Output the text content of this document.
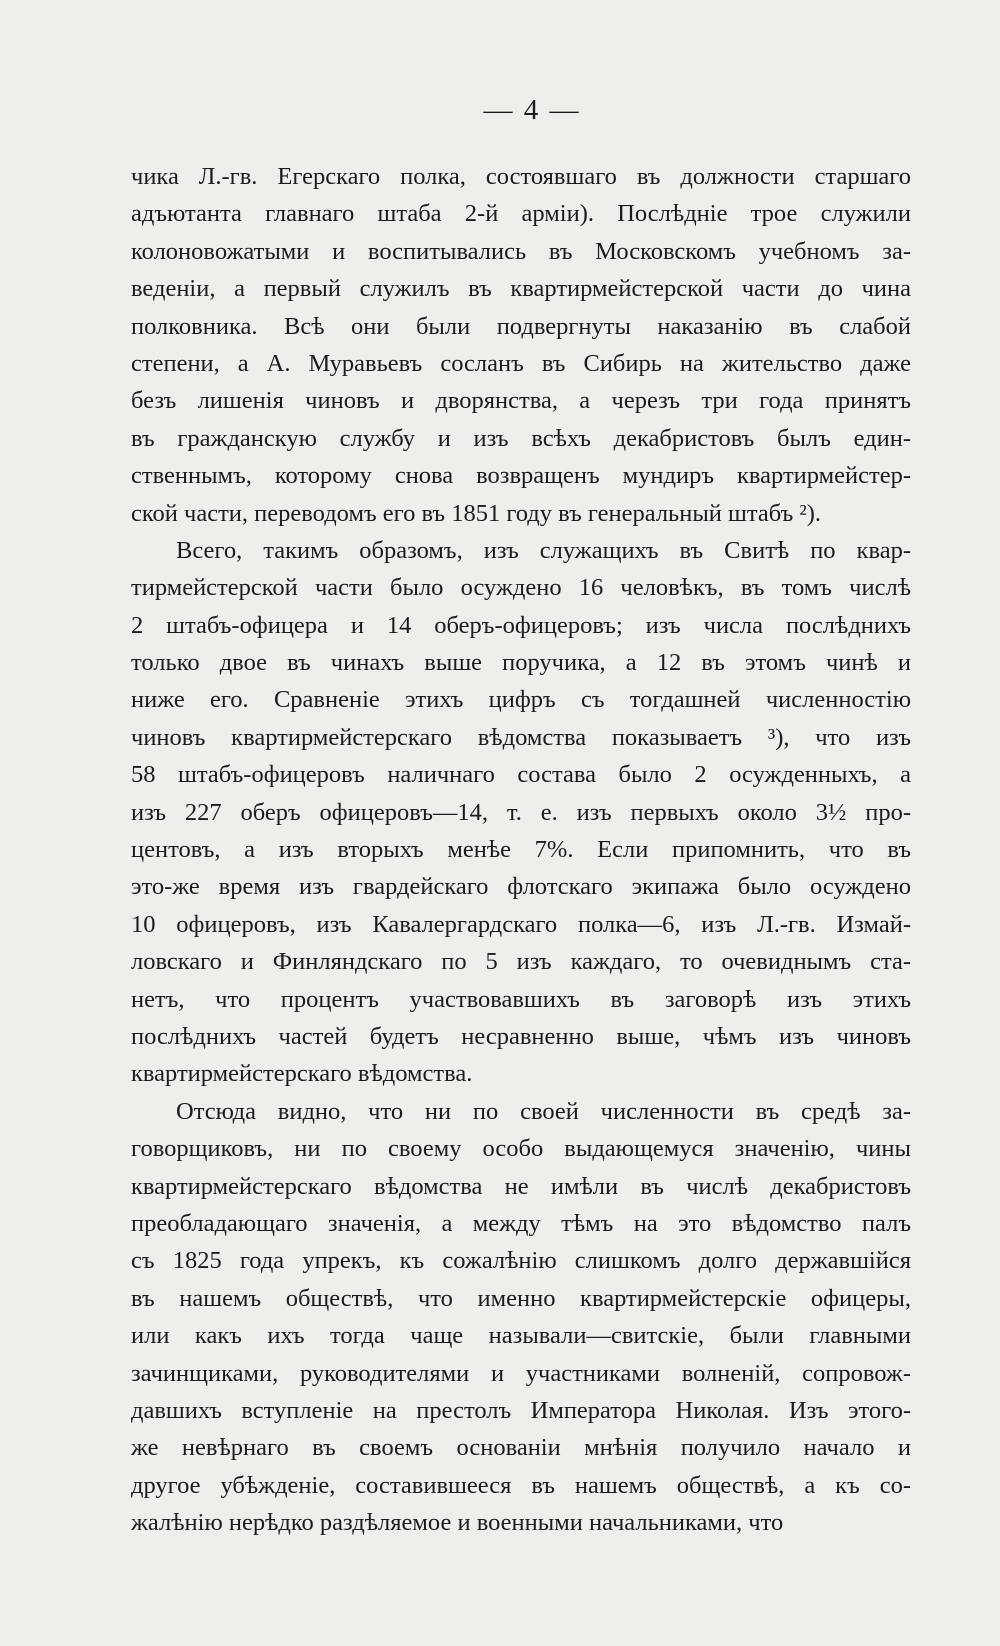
— 4 —
чика Л.-гв. Егерскаго полка, состоявшаго въ должности старшаго
адъютанта главнаго штаба 2-й арміи). Послѣдніе трое служили
колоновожатыми и воспитывались въ Московскомъ учебномъ за-
веденіи, а первый служилъ въ квартирмейстерской части до чина
полковника. Всѣ они были подвергнуты наказанію въ слабой
степени, а А. Муравьевъ сосланъ въ Сибирь на жительство даже
безъ лишенія чиновъ и дворянства, а черезъ три года принятъ
въ гражданскую службу и изъ всѣхъ декабристовъ былъ един-
ственнымъ, которому снова возвращенъ мундиръ квартирмейстер-
ской части, переводомъ его въ 1851 году въ генеральный штабъ ²).
Всего, такимъ образомъ, изъ служащихъ въ Свитѣ по квар-
тирмейстерской части было осуждено 16 человѣкъ, въ томъ числѣ
2 штабъ-офицера и 14 оберъ-офицеровъ; изъ числа послѣднихъ
только двое въ чинахъ выше поручика, а 12 въ этомъ чинѣ и
ниже его. Сравненіе этихъ цифръ съ тогдашней численностію
чиновъ квартирмейстерскаго вѣдомства показываетъ ³), что изъ
58 штабъ-офицеровъ наличнаго состава было 2 осужденныхъ, а
изъ 227 оберъ офицеровъ—14, т. е. изъ первыхъ около 3½ про-
центовъ, а изъ вторыхъ менѣе 7%. Если припомнить, что въ
это-же время изъ гвардейскаго флотскаго экипажа было осуждено
10 офицеровъ, изъ Кавалергардскаго полка—6, изъ Л.-гв. Измай-
ловскаго и Финляндскаго по 5 изъ каждаго, то очевиднымъ ста-
нетъ, что процентъ участвовавшихъ въ заговорѣ изъ этихъ
послѣднихъ частей будетъ несравненно выше, чѣмъ изъ чиновъ
квартирмейстерскаго вѣдомства.
Отсюда видно, что ни по своей численности въ средѣ за-
говорщиковъ, ни по своему особо выдающемуся значенію, чины
квартирмейстерскаго вѣдомства не имѣли въ числѣ декабристовъ
преобладающаго значенія, а между тѣмъ на это вѣдомство палъ
съ 1825 года упрекъ, къ сожалѣнію слишкомъ долго державшійся
въ нашемъ обществѣ, что именно квартирмейстерскіе офицеры,
или какъ ихъ тогда чаще называли—свитскіе, были главными
зачинщиками, руководителями и участниками волненій, сопровож-
давшихъ вступленіе на престолъ Императора Николая. Изъ этого-
же невѣрнаго въ своемъ основаніи мнѣнія получило начало и
другое убѣжденіе, составившееся въ нашемъ обществѣ, а къ со-
жалѣнію нерѣдко раздѣляемое и военными начальниками, что
